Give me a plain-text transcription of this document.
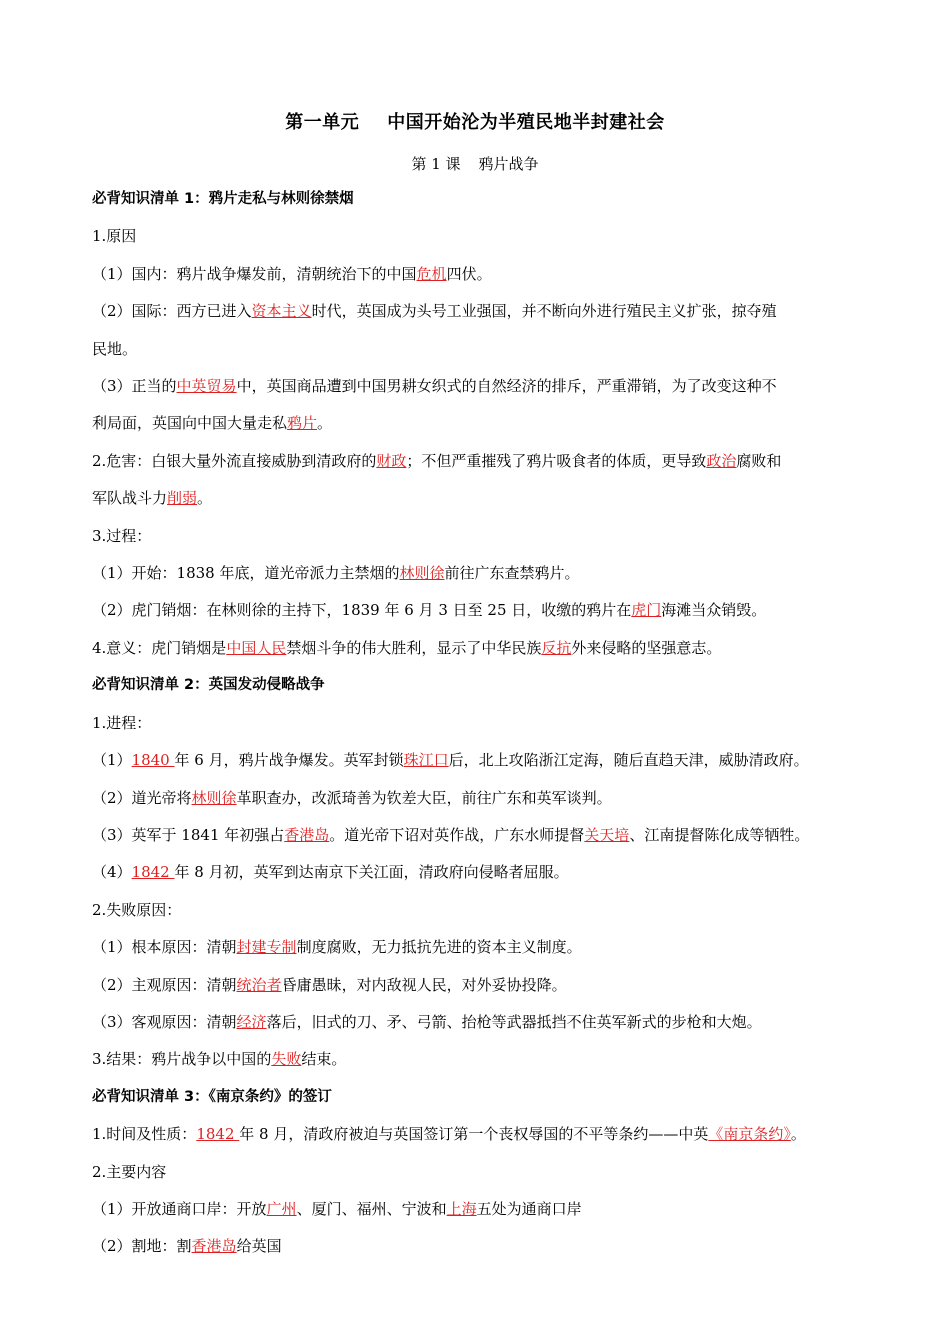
第一单元 中国开始沦为半殖民地半封建社会
第 1 课 鸦片战争
必背知识清单 1：鸦片走私与林则徐禁烟
1.原因
（1）国内：鸦片战争爆发前，清朝统治下的中国危机四伏。
（2）国际：西方已进入资本主义时代，英国成为头号工业强国，并不断向外进行殖民主义扩张，掠夺殖
民地。
（3）正当的中英贸易中，英国商品遭到中国男耕女织式的自然经济的排斥，严重滞销，为了改变这种不
利局面，英国向中国大量走私鸦片。
2.危害：白银大量外流直接威胁到清政府的财政；不但严重摧残了鸦片吸食者的体质，更导致政治腐败和
军队战斗力削弱。
3.过程：
（1）开始：1838 年底，道光帝派力主禁烟的林则徐前往广东查禁鸦片。
（2）虎门销烟：在林则徐的主持下，1839 年 6 月 3 日至 25 日，收缴的鸦片在虎门海滩当众销毁。
4.意义：虎门销烟是中国人民禁烟斗争的伟大胜利，显示了中华民族反抗外来侵略的坚强意志。
必背知识清单 2：英国发动侵略战争
1.进程：
（1）1840 年 6 月，鸦片战争爆发。英军封锁珠江口后，北上攻陷浙江定海，随后直趋天津，威胁清政府。
（2）道光帝将林则徐革职查办，改派琦善为钦差大臣，前往广东和英军谈判。
（3）英军于 1841 年初强占香港岛。道光帝下诏对英作战，广东水师提督关天培、江南提督陈化成等牺牲。
（4）1842 年 8 月初，英军到达南京下关江面，清政府向侵略者屈服。
2.失败原因：
（1）根本原因：清朝封建专制制度腐败，无力抵抗先进的资本主义制度。
（2）主观原因：清朝统治者昏庸愚昧，对内敌视人民，对外妥协投降。
（3）客观原因：清朝经济落后，旧式的刀、矛、弓箭、抬枪等武器抵挡不住英军新式的步枪和大炮。
3.结果：鸦片战争以中国的失败结束。
必背知识清单 3：《南京条约》的签订
1.时间及性质：1842 年 8 月，清政府被迫与英国签订第一个丧权辱国的不平等条约——中英《南京条约》。
2.主要内容
（1）开放通商口岸：开放广州、厦门、福州、宁波和上海五处为通商口岸
（2）割地：割香港岛给英国
